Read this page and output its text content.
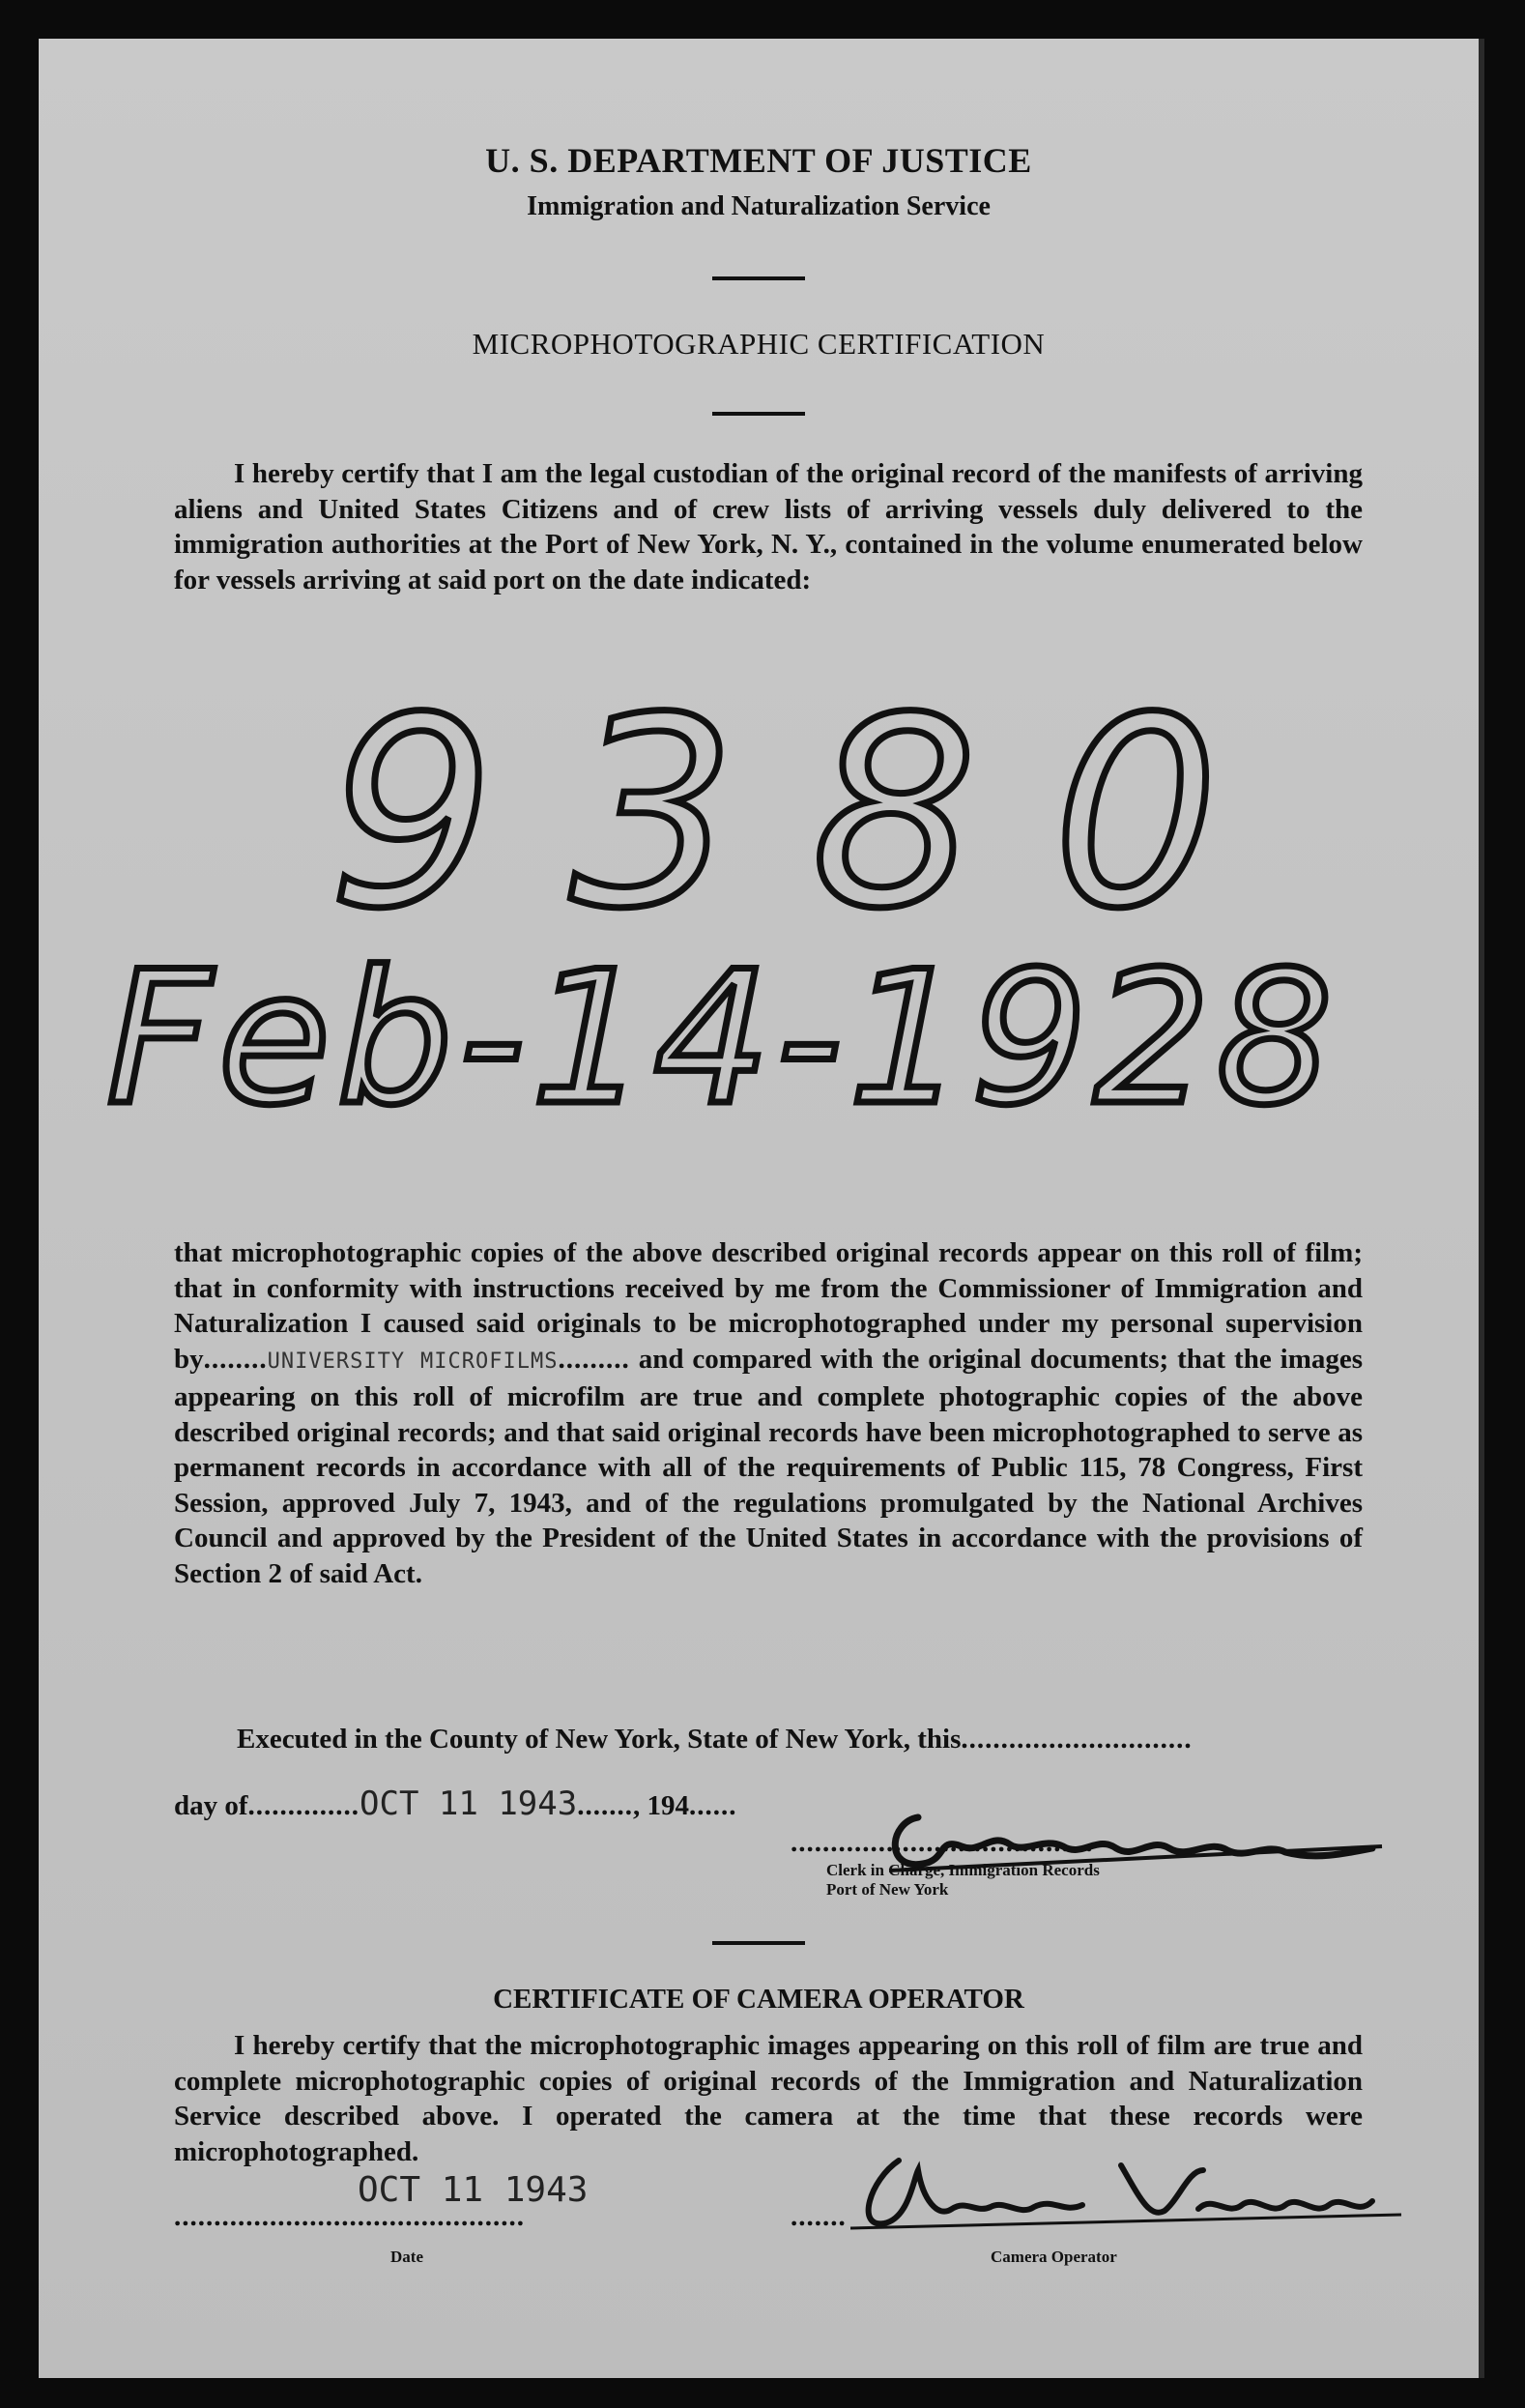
U. S. DEPARTMENT OF JUSTICE
Immigration and Naturalization Service
MICROPHOTOGRAPHIC CERTIFICATION

I hereby certify that I am the legal custodian of the original record of the manifests of arriving aliens and United States Citizens and of crew lists of arriving vessels duly delivered to the immigration authorities at the Port of New York, N. Y., contained in the volume enumerated below for vessels arriving at said port on the date indicated:

9380
Feb-14-1928

that microphotographic copies of the above described original records appear on this roll of film; that in conformity with instructions received by me from the Commissioner of Immigration and Naturalization I caused said originals to be microphotographed under my personal supervision by........UNIVERSITY MICROFILMS......... and compared with the original documents; that the images appearing on this roll of microfilm are true and complete photographic copies of the above described original records; and that said original records have been microphotographed to serve as permanent records in accordance with all of the requirements of Public 115, 78 Congress, First Session, approved July 7, 1943, and of the regulations promulgated by the National Archives Council and approved by the President of the United States in accordance with the provisions of Section 2 of said Act.

Executed in the County of New York, State of New York, this.............................
day of..............OCT 11 1943......., 194......
......................................
Clerk in Charge, Immigration Records
Port of New York
CERTIFICATE OF CAMERA OPERATOR

I hereby certify that the microphotographic images appearing on this roll of film are true and complete microphotographic copies of original records of the Immigration and Naturalization Service described above. I operated the camera at the time that these records were microphotographed.

OCT 11 1943
............................................
Date
.......
Camera Operator
